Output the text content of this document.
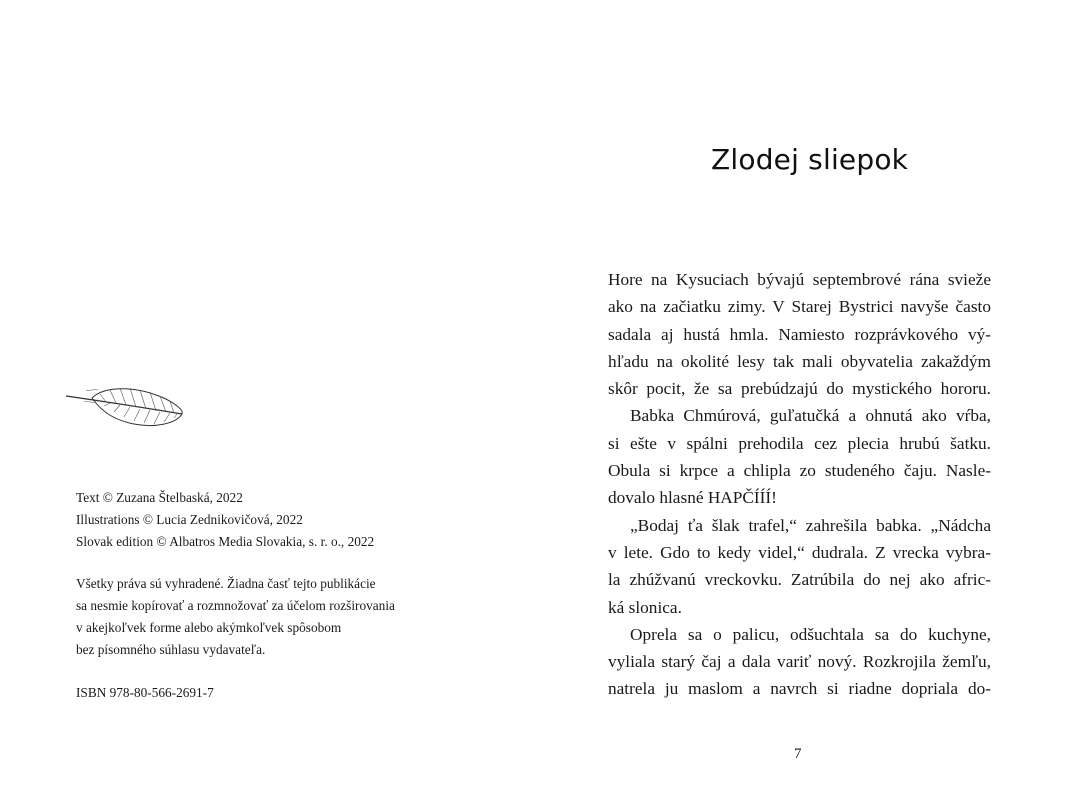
Text © Zuzana Štelbaská, 2022
Illustrations © Lucia Zednikovičová, 2022
Slovak edition © Albatros Media Slovakia, s. r. o., 2022
Všetky práva sú vyhradené. Žiadna časť tejto publikácie
sa nesmie kopírovať a rozmnožovať za účelom rozširovania
v akejkoľvek forme alebo akýmkoľvek spôsobom
bez písomného súhlasu vydavateľa.
ISBN 978-80-566-2691-7
Zlodej sliepok
Hore na Kysuciach bývajú septembrové rána svieže
ako na začiatku zimy. V Starej Bystrici navyše často
sadala aj hustá hmla. Namiesto rozprávkového vý-
hľadu na okolité lesy tak mali obyvatelia zakaždým
skôr pocit, že sa prebúdzajú do mystického hororu.
Babka Chmúrová, guľatučká a ohnutá ako vŕba,
si ešte v spálni prehodila cez plecia hrubú šatku.
Obula si krpce a chlipla zo studeného čaju. Nasle-
dovalo hlasné HAPČÍÍÍ!
„Bodaj ťa šlak trafel,“ zahrešila babka. „Nádcha
v lete. Gdo to kedy videl,“ dudrala. Z vrecka vybra-
la zhúžvanú vreckovku. Zatrúbila do nej ako afric-
ká slonica.
Oprela sa o palicu, odšuchtala sa do kuchyne,
vyliala starý čaj a dala variť nový. Rozkrojila žemľu,
natrela ju maslom a navrch si riadne dopriala do-
7
